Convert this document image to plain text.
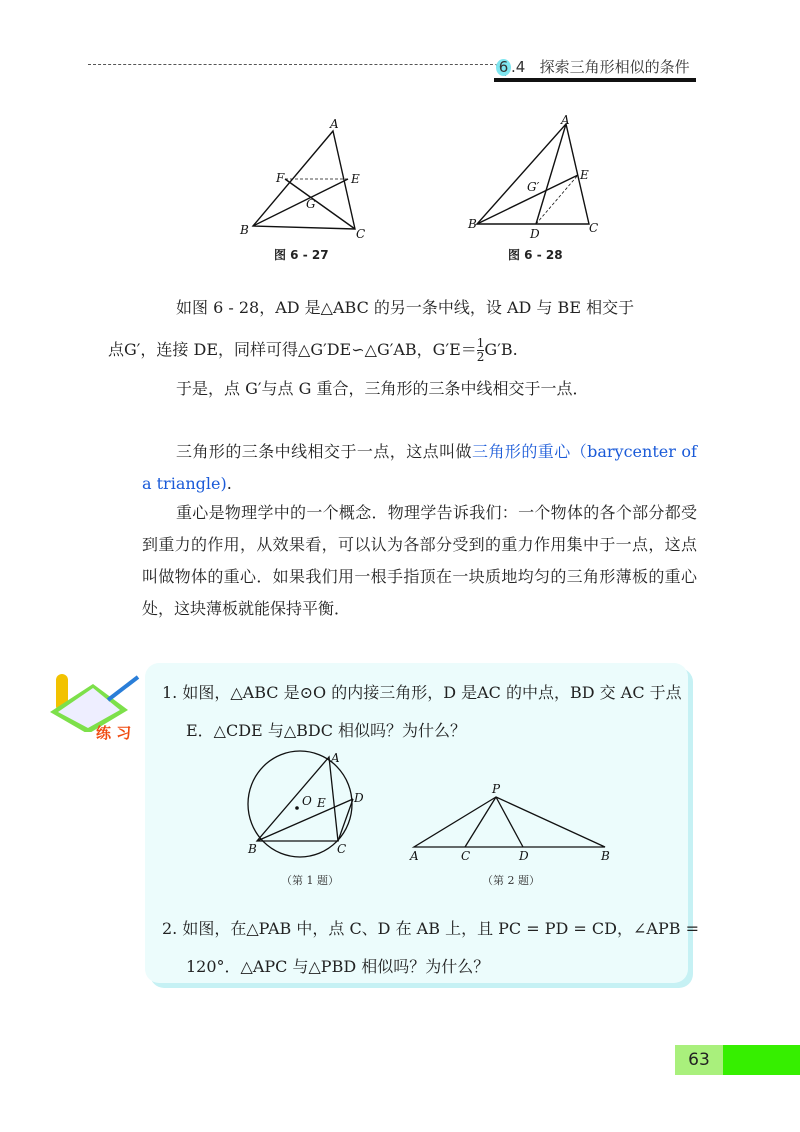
6 .4 探索三角形相似的条件
A
B	C
E
F
G
图 6 - 27
A
B	C
D
E
G′
图 6 - 28
如图 6 - 28，AD 是△ABC 的另一条中线，设 AD 与 BE 相交于
点G′，连接 DE，同样可得△G′DE∽△G′AB，$G'E= \frac{1}{2} G'B$.
于是，点 G′与点 G 重合，三角形的三条中线相交于一点．
三角形的三条中线相交于一点，这点叫做三角形的重心（barycenter of a triangle).
重心是物理学中的一个概念．物理学告诉我们：一个物体的各个部分都受到重力的作用，从效果看，可以认为各部分受到的重力作用集中于一点，这点叫做物体的重心．如果我们用一根手指顶在一块质地均匀的三角形薄板的重心处，这块薄板就能保持平衡．
练 习
1. 如图，△ABC 是⊙O 的内接三角形，D 是AC 的中点，BD 交 AC 于点 E．△CDE 与△BDC 相似吗？为什么？
A
B	C
D
E
O
（第 1 题）
P
A	C	D	B
（第 2 题）
2. 如图，在△PAB 中，点 C、D 在 AB 上，且 PC = PD = CD，∠APB = 120°．△APC 与△PBD 相似吗？为什么？
63
